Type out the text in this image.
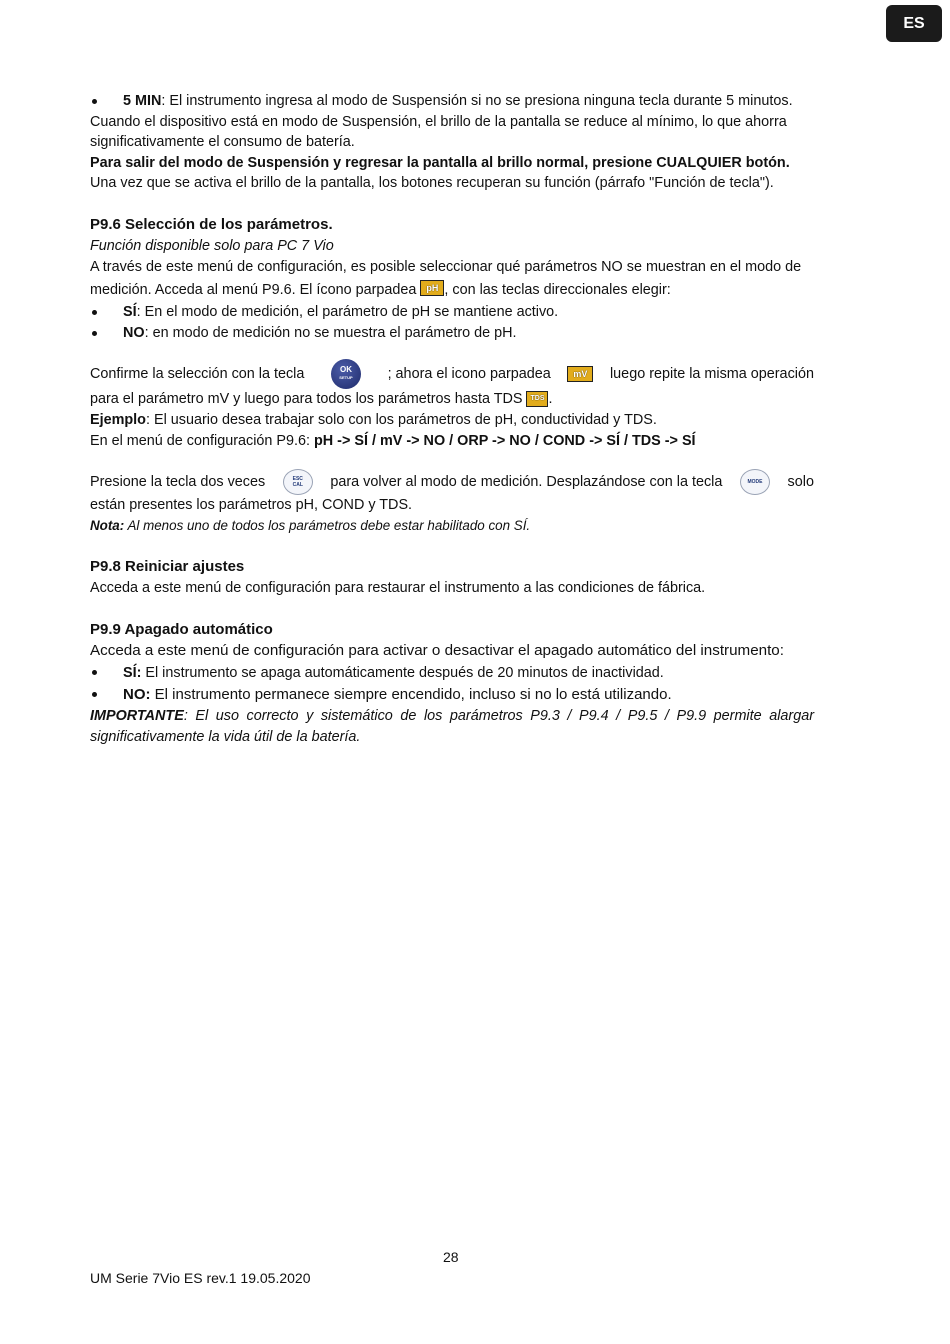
ES
5 MIN: El instrumento ingresa al modo de Suspensión si no se presiona ninguna tecla durante 5 minutos.

Cuando el dispositivo está en modo de Suspensión, el brillo de la pantalla se reduce al mínimo, lo que ahorra significativamente el consumo de batería.

Para salir del modo de Suspensión y regresar la pantalla al brillo normal, presione CUALQUIER botón.

Una vez que se activa el brillo de la pantalla, los botones recuperan su función (párrafo "Función de tecla").

P9.6 Selección de los parámetros.

Función disponible solo para PC 7 Vio

A través de este menú de configuración, es posible seleccionar qué parámetros NO se muestran en el modo de medición. Acceda al menú P9.6. El ícono parpadea pH , con las teclas direccionales elegir:

SÍ: En el modo de medición, el parámetro de pH se mantiene activo.
NO: en modo de medición no se muestra el parámetro de pH.
Confirme la selección con la tecla	OK
SETUP ; ahora el icono parpadea	mV	luego repite la misma operación

para el parámetro mV y luego para todos los parámetros hasta TDS TDS .

Ejemplo: El usuario desea trabajar solo con los parámetros de pH, conductividad y TDS.

En el menú de configuración P9.6: pH -> SÍ / mV -> NO / ORP -> NO / COND -> SÍ / TDS -> SÍ

Presione la tecla dos veces	ESC
CAL para volver al modo de medición. Desplazándose con la tecla	MODE solo

están presentes los parámetros pH, COND y TDS.

Nota: Al menos uno de todos los parámetros debe estar habilitado con SÍ.

P9.8 Reiniciar ajustes

Acceda a este menú de configuración para restaurar el instrumento a las condiciones de fábrica.

P9.9 Apagado automático

Acceda a este menú de configuración para activar o desactivar el apagado automático del instrumento:

SÍ: El instrumento se apaga automáticamente después de 20 minutos de inactividad.
NO: El instrumento permanece siempre encendido, incluso si no lo está utilizando.

IMPORTANTE: El uso correcto y sistemático de los parámetros P9.3 / P9.4 / P9.5 / P9.9 permite alargar significativamente la vida útil de la batería.

28
UM Serie 7Vio ES rev.1 19.05.2020
